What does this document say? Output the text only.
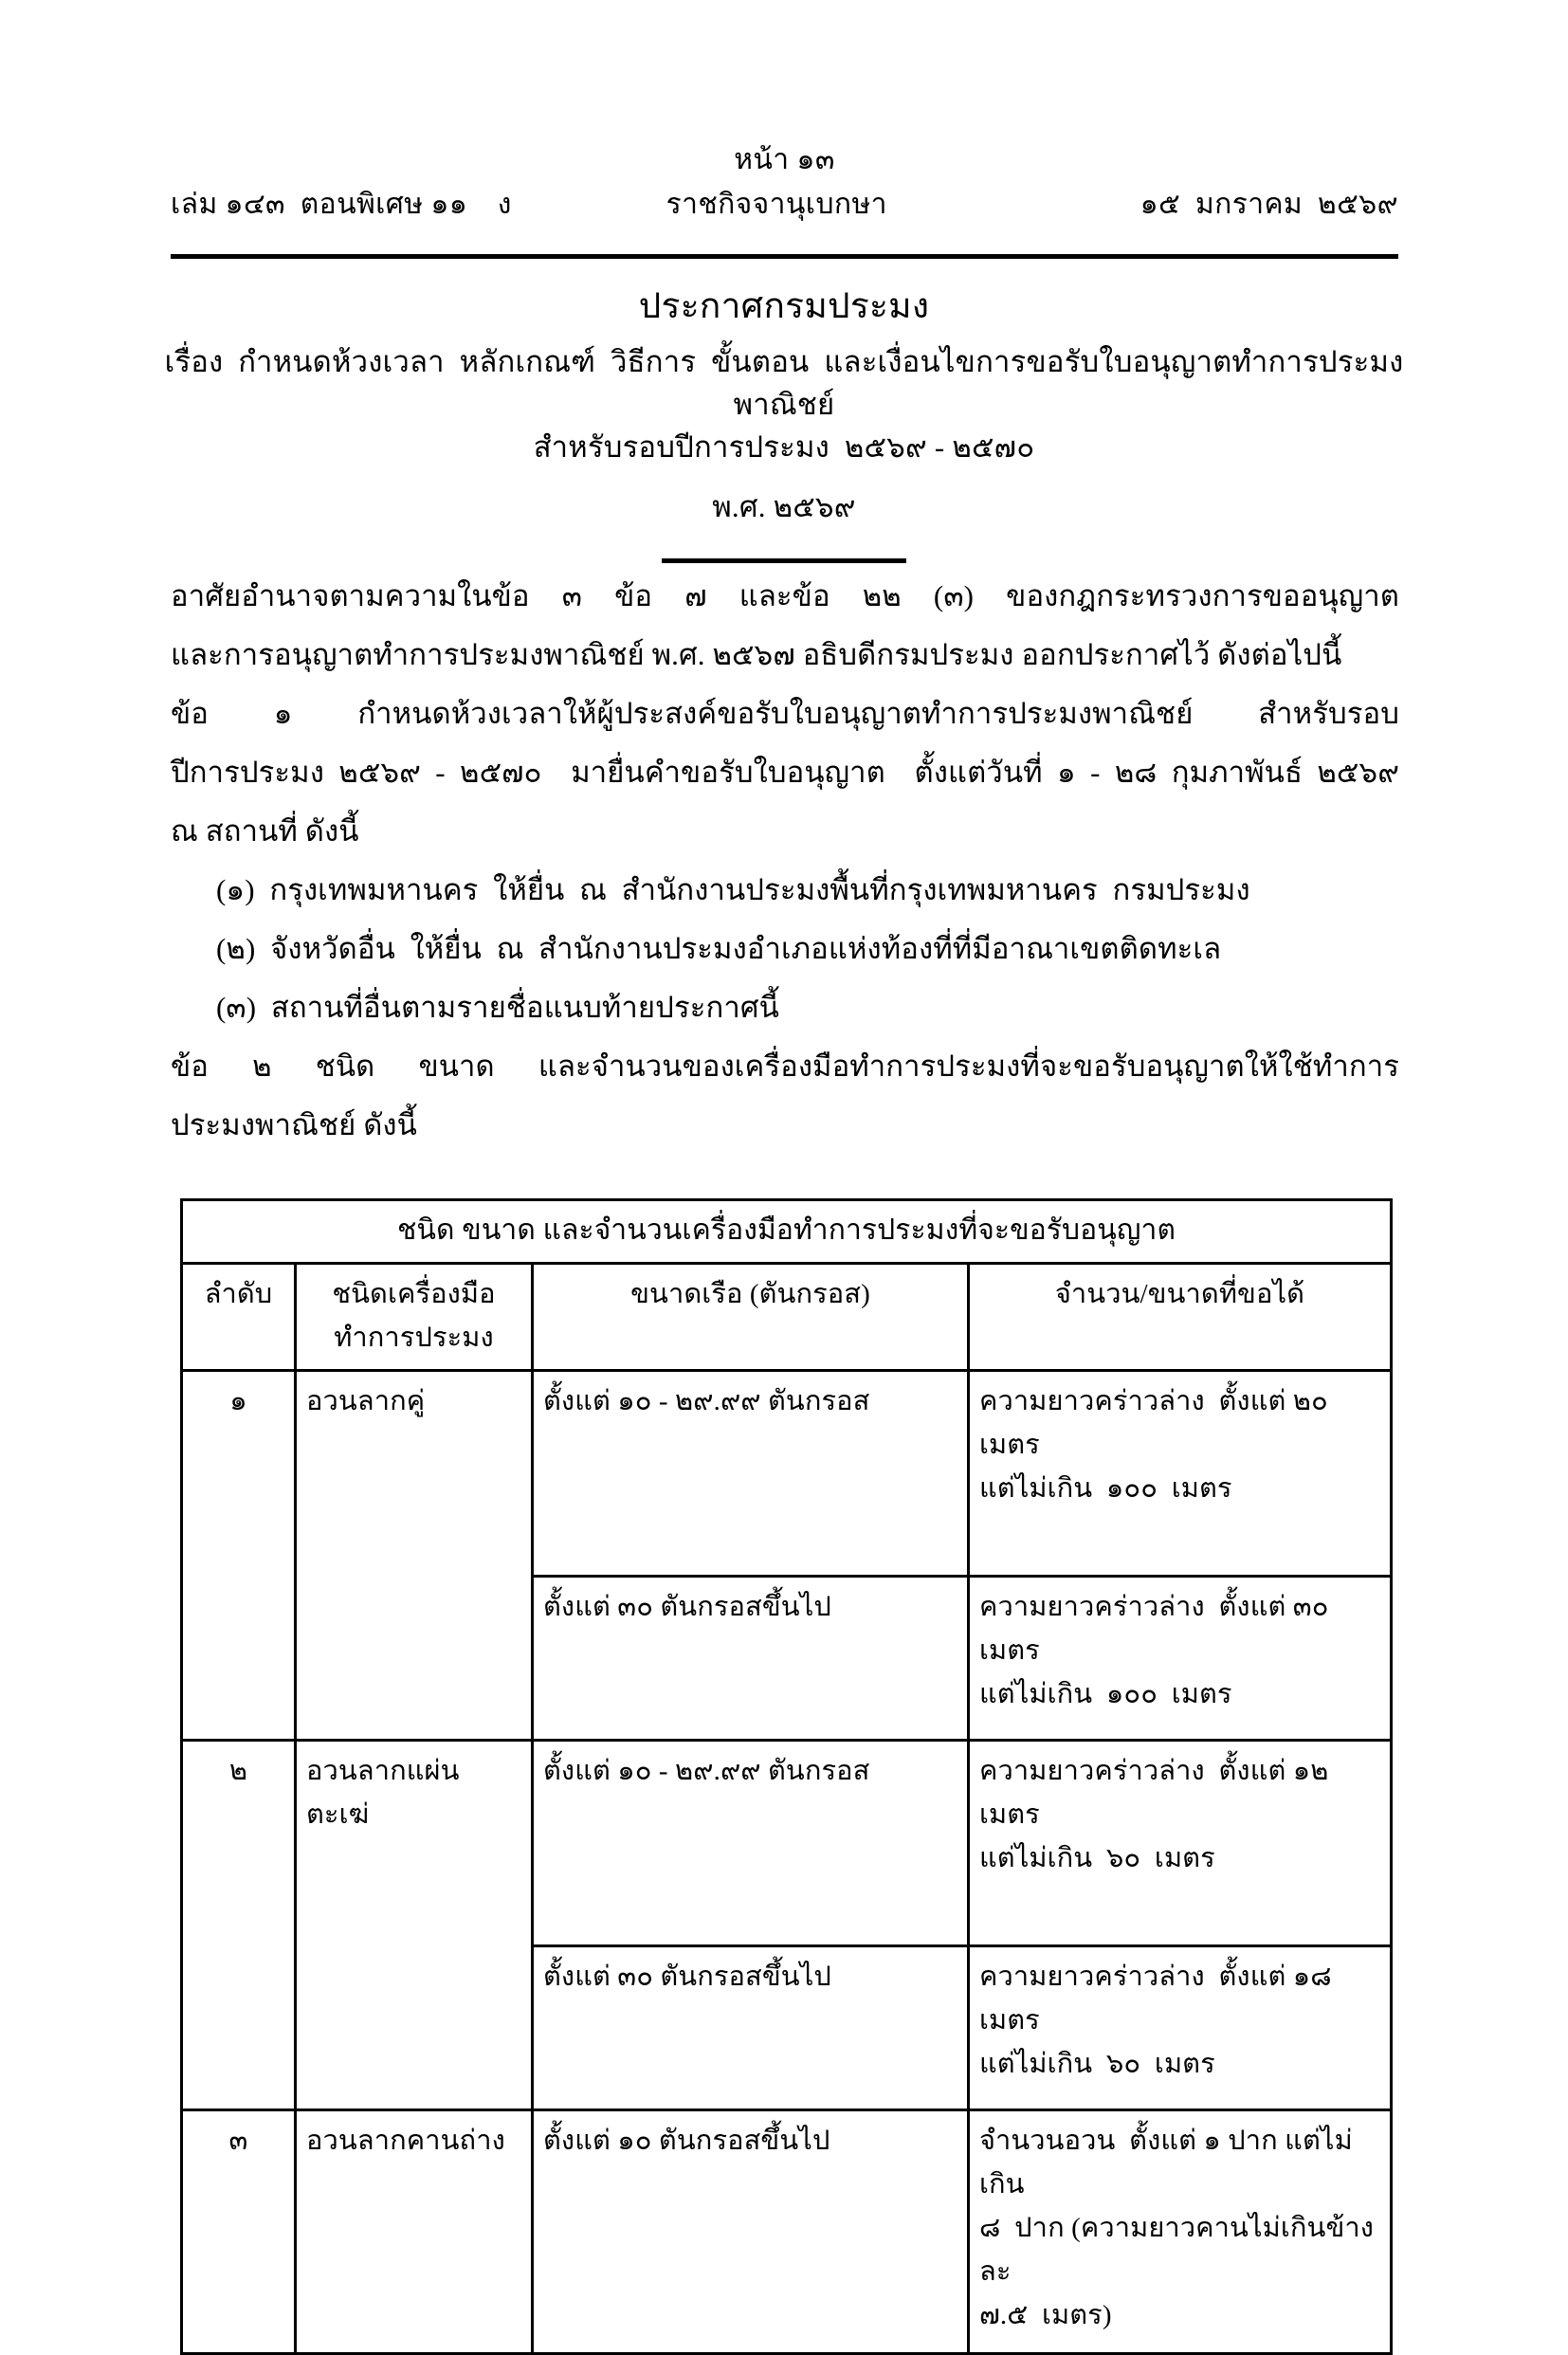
หน้า ๑๓
เล่ม ๑๔๓  ตอนพิเศษ ๑๑    ง	ราชกิจจานุเบกษา	๑๕  มกราคม  ๒๕๖๙
ประกาศกรมประมง
เรื่อง  กำหนดห้วงเวลา  หลักเกณฑ์  วิธีการ  ขั้นตอน  และเงื่อนไขการขอรับใบอนุญาตทำการประมงพาณิชย์
สำหรับรอบปีการประมง  ๒๕๖๙ - ๒๕๗๐
พ.ศ. ๒๕๖๙

อาศัยอำนาจตามความในข้อ ๓ ข้อ ๗ และข้อ ๒๒ (๓) ของกฎกระทรวงการขออนุญาต
และการอนุญาตทำการประมงพาณิชย์ พ.ศ. ๒๕๖๗ อธิบดีกรมประมง ออกประกาศไว้ ดังต่อไปนี้

ข้อ  ๑  กำหนดห้วงเวลาให้ผู้ประสงค์ขอรับใบอนุญาตทำการประมงพาณิชย์  สำหรับรอบ
ปีการประมง ๒๕๖๙ - ๒๕๗๐  มายื่นคำขอรับใบอนุญาต  ตั้งแต่วันที่ ๑ - ๒๘ กุมภาพันธ์ ๒๕๖๙
ณ สถานที่ ดังนี้

(๑)  กรุงเทพมหานคร  ให้ยื่น  ณ  สำนักงานประมงพื้นที่กรุงเทพมหานคร  กรมประมง

(๒)  จังหวัดอื่น  ให้ยื่น  ณ  สำนักงานประมงอำเภอแห่งท้องที่ที่มีอาณาเขตติดทะเล

(๓)  สถานที่อื่นตามรายชื่อแนบท้ายประกาศนี้

ข้อ  ๒  ชนิด  ขนาด  และจำนวนของเครื่องมือทำการประมงที่จะขอรับอนุญาตให้ใช้ทำการ
ประมงพาณิชย์ ดังนี้

ชนิด ขนาด และจำนวนเครื่องมือทำการประมงที่จะขอรับอนุญาต			
ลำดับ	ชนิดเครื่องมือทำการประมง	ขนาดเรือ (ตันกรอส)	จำนวน/ขนาดที่ขอได้
๑	อวนลากคู่	ตั้งแต่ ๑๐ - ๒๙.๙๙ ตันกรอส	ความยาวคร่าวล่าง  ตั้งแต่ ๒๐  เมตร
แต่ไม่เกิน  ๑๐๐  เมตร

		ตั้งแต่ ๓๐ ตันกรอสขึ้นไป	ความยาวคร่าวล่าง  ตั้งแต่ ๓๐  เมตร
แต่ไม่เกิน  ๑๐๐  เมตร

๒	อวนลากแผ่นตะเฆ่	ตั้งแต่ ๑๐ - ๒๙.๙๙ ตันกรอส	ความยาวคร่าวล่าง  ตั้งแต่ ๑๒  เมตร
แต่ไม่เกิน  ๖๐  เมตร

		ตั้งแต่ ๓๐ ตันกรอสขึ้นไป	ความยาวคร่าวล่าง  ตั้งแต่ ๑๘  เมตร
แต่ไม่เกิน  ๖๐  เมตร

๓	อวนลากคานถ่าง	ตั้งแต่ ๑๐ ตันกรอสขึ้นไป	จำนวนอวน  ตั้งแต่ ๑ ปาก แต่ไม่เกิน
๘  ปาก (ความยาวคานไม่เกินข้างละ
๗.๕  เมตร)
